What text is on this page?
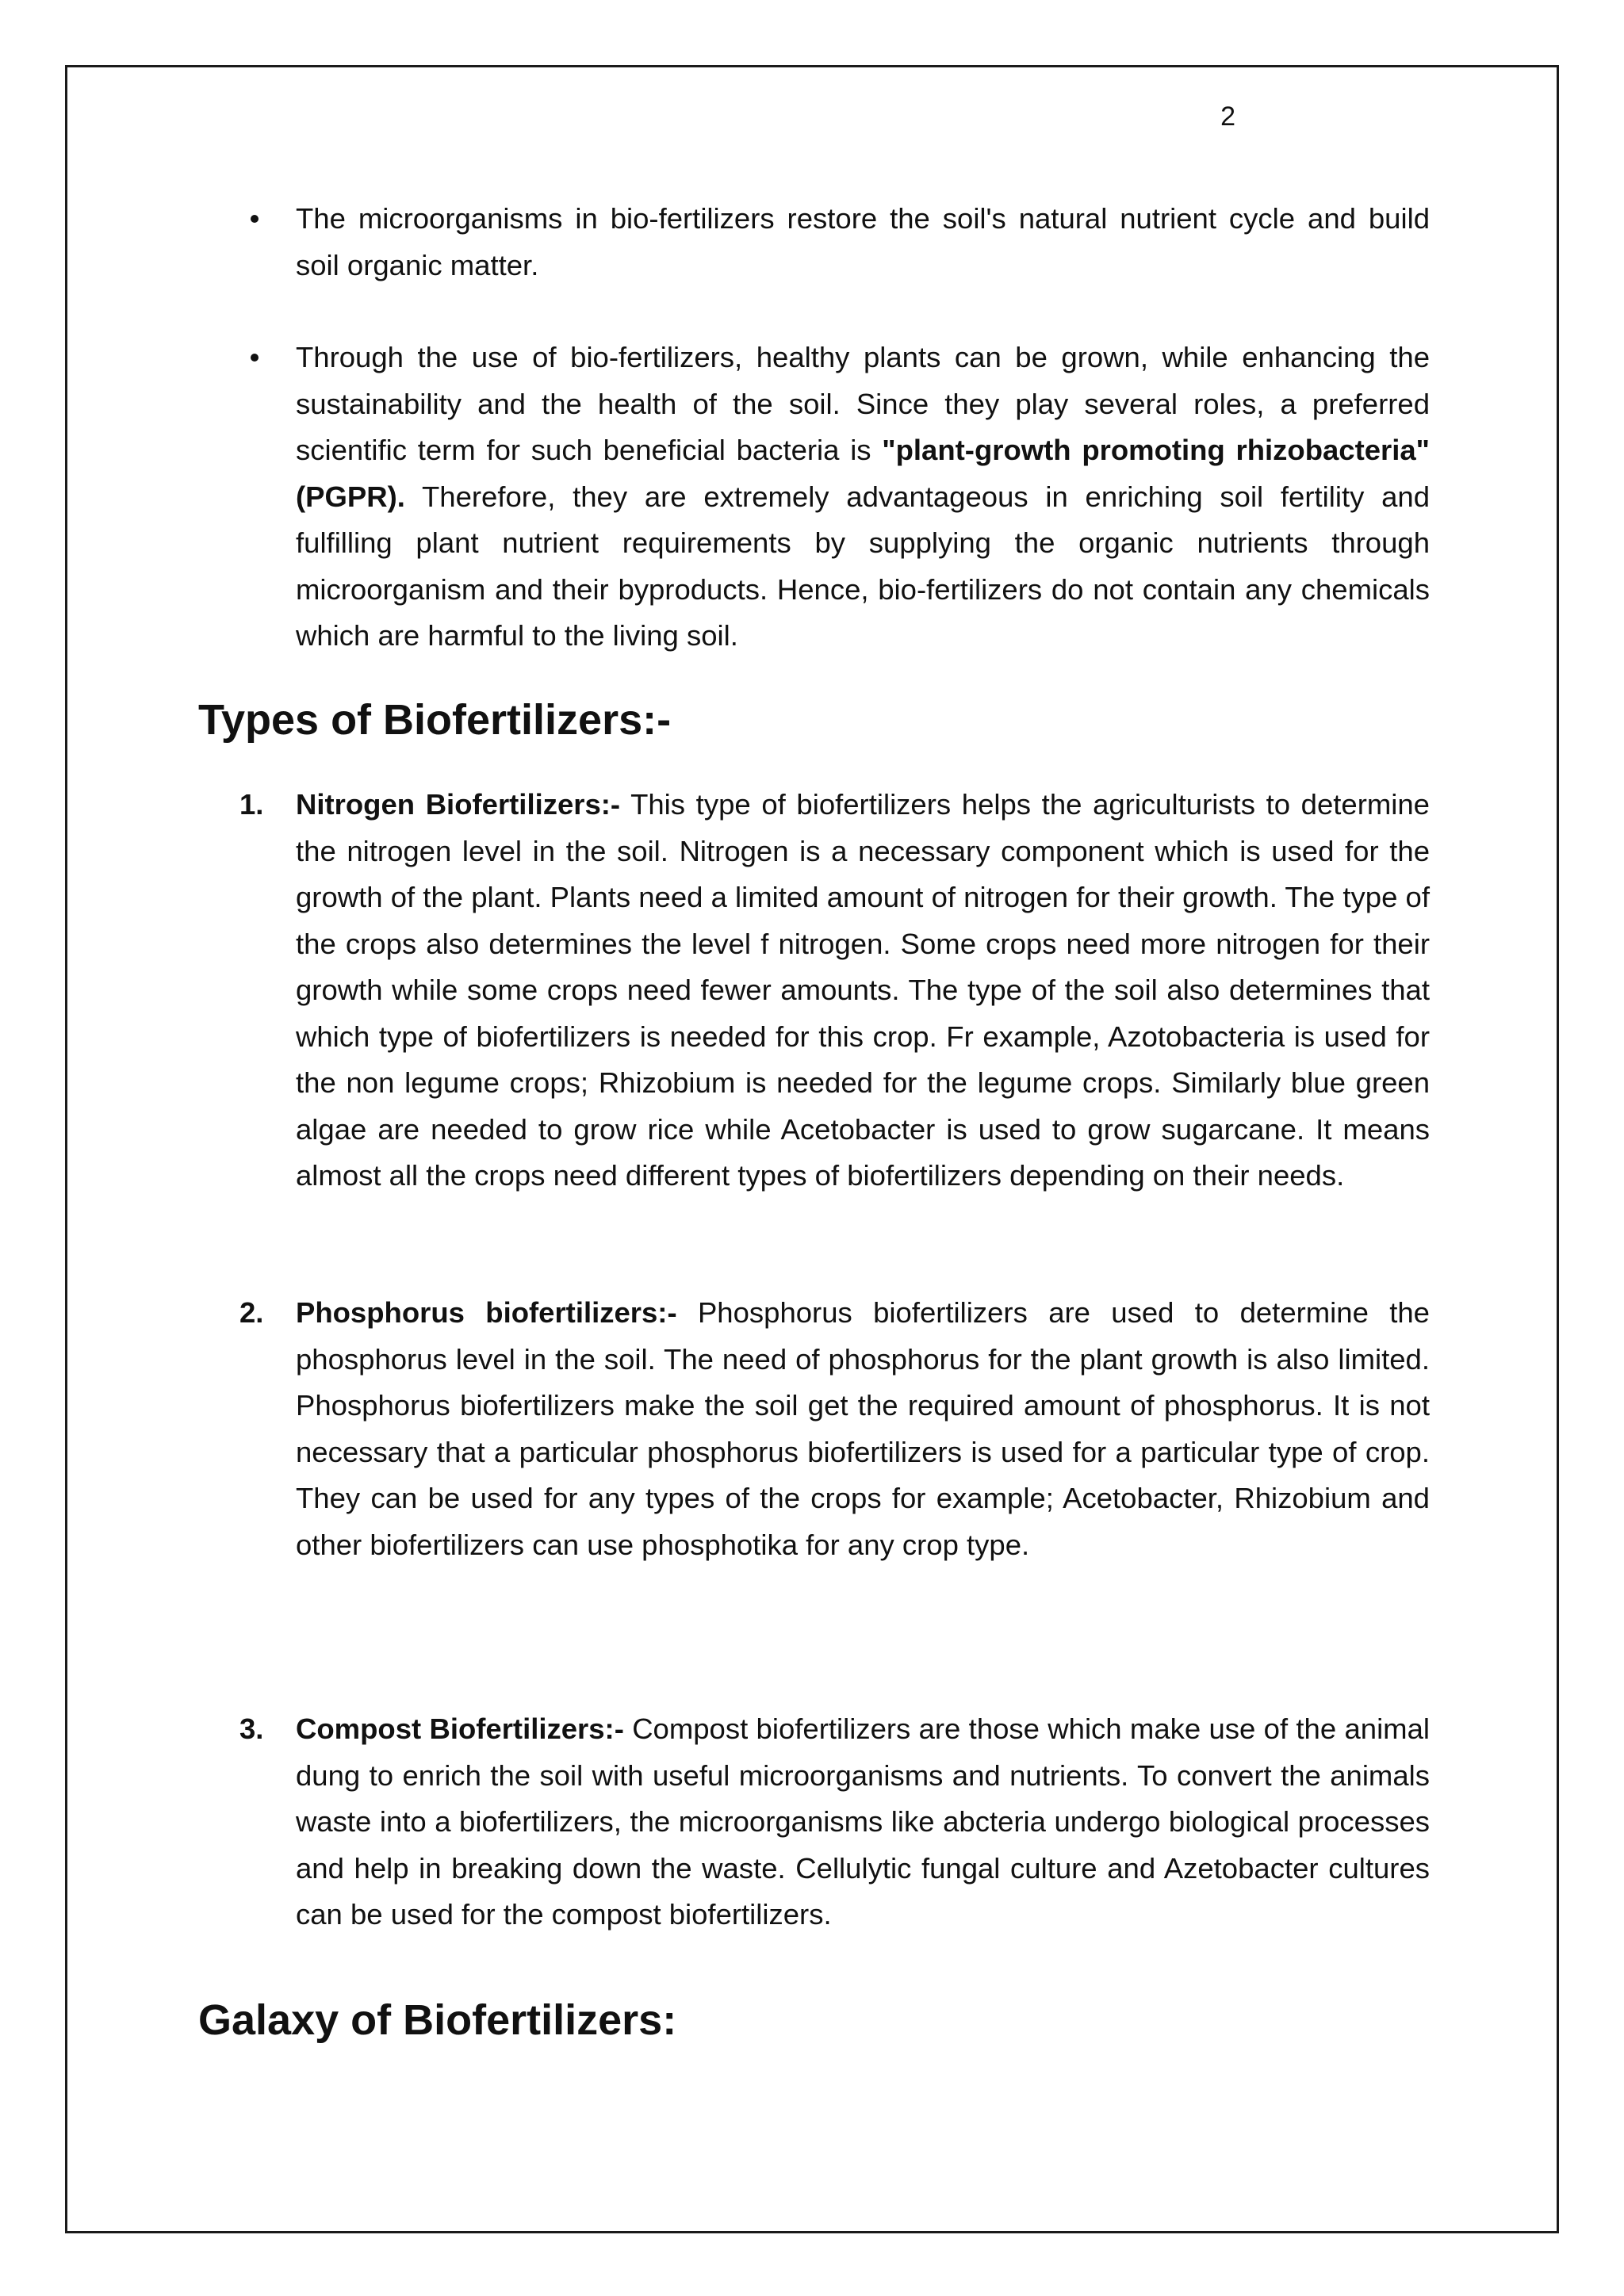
2

The microorganisms in bio-fertilizers restore the soil's natural nutrient cycle and build soil organic matter.

Through the use of bio-fertilizers, healthy plants can be grown, while enhancing the sustainability and the health of the soil. Since they play several roles, a preferred scientific term for such beneficial bacteria is "plant-growth promoting rhizobacteria" (PGPR). Therefore, they are extremely advantageous in enriching soil fertility and fulfilling plant nutrient requirements by supplying the organic nutrients through microorganism and their byproducts. Hence, bio-fertilizers do not contain any chemicals which are harmful to the living soil.

Types of Biofertilizers:-
1. Nitrogen Biofertilizers:- This type of biofertilizers helps the agriculturists to determine the nitrogen level in the soil. Nitrogen is a necessary component which is used for the growth of the plant. Plants need a limited amount of nitrogen for their growth. The type of the crops also determines the level f nitrogen. Some crops need more nitrogen for their growth while some crops need fewer amounts. The type of the soil also determines that which type of biofertilizers is needed for this crop. Fr example, Azotobacteria is used for the non legume crops; Rhizobium is needed for the legume crops. Similarly blue green algae are needed to grow rice while Acetobacter is used to grow sugarcane. It means almost all the crops need different types of biofertilizers depending on their needs.

2. Phosphorus biofertilizers:- Phosphorus biofertilizers are used to determine the phosphorus level in the soil. The need of phosphorus for the plant growth is also limited. Phosphorus biofertilizers make the soil get the required amount of phosphorus. It is not necessary that a particular phosphorus biofertilizers is used for a particular type of crop. They can be used for any types of the crops for example; Acetobacter, Rhizobium and other biofertilizers can use phosphotika for any crop type.

3. Compost Biofertilizers:- Compost biofertilizers are those which make use of the animal dung to enrich the soil with useful microorganisms and nutrients. To convert the animals waste into a biofertilizers, the microorganisms like abcteria undergo biological processes and help in breaking down the waste. Cellulytic fungal culture and Azetobacter cultures can be used for the compost biofertilizers.

Galaxy of Biofertilizers:
